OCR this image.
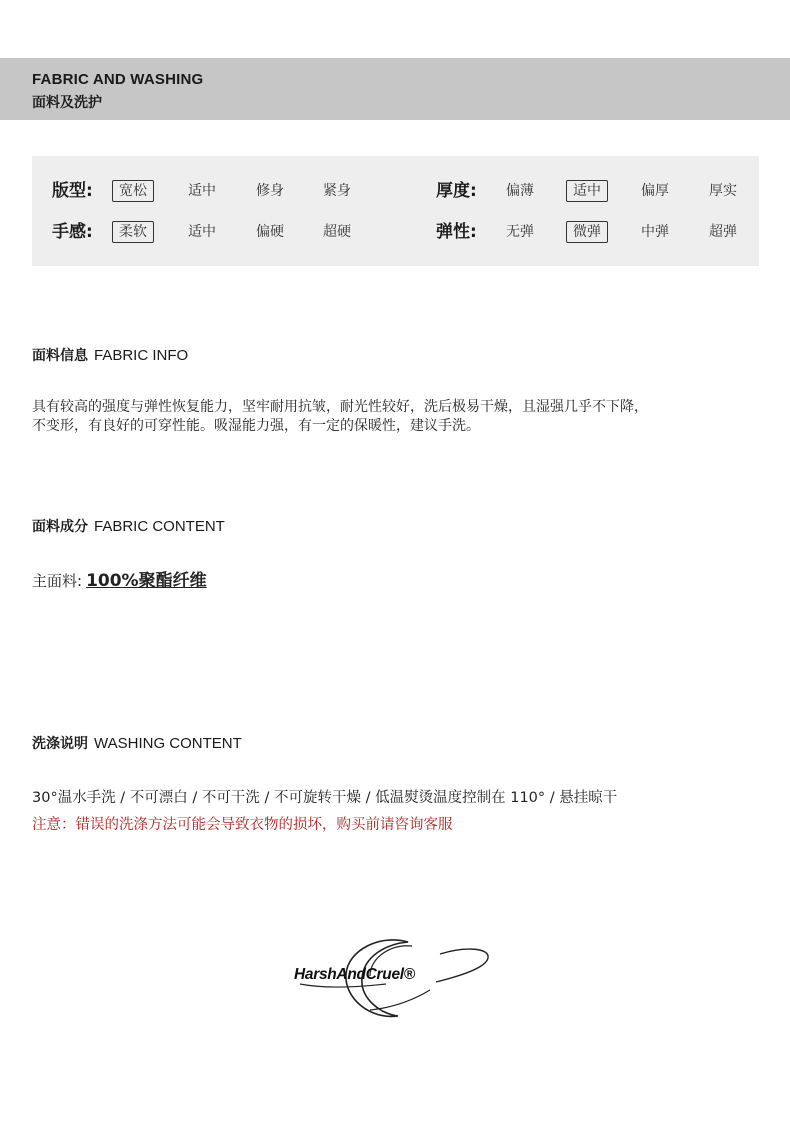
FABRIC AND WASHING
面料及洗护
版型:	宽松	适中	修身	紧身	厚度: 偏薄	适中	偏厚	厚实
手感:	柔软	适中	偏硬	超硬	弹性: 无弹	微弹	中弹	超弹
面料信息 FABRIC INFO
具有较高的强度与弹性恢复能力，坚牢耐用抗皱，耐光性较好，洗后极易干燥，且湿强几乎不下降，
不变形，有良好的可穿性能。吸湿能力强，有一定的保暖性，建议手洗。
面料成分 FABRIC CONTENT
主面料: 100%聚酯纤维
洗涤说明 WASHING CONTENT
30°温水手洗 / 不可漂白 / 不可干洗 / 不可旋转干燥 / 低温熨烫温度控制在 110° / 悬挂晾干
注意：错误的洗涤方法可能会导致衣物的损坏，购买前请咨询客服
HarshAndCruel®
